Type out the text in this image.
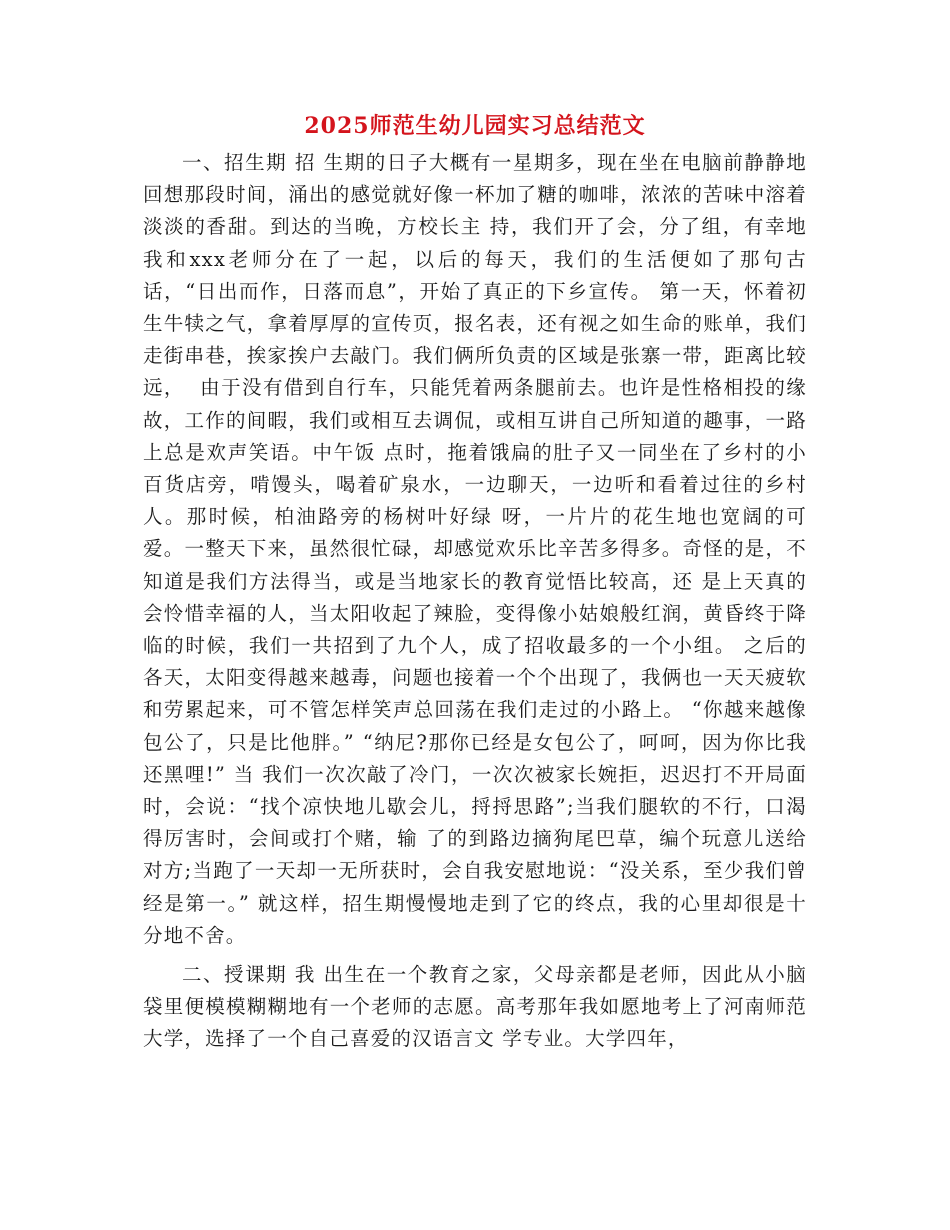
2025师范生幼儿园实习总结范文

一、招生期 招 生期的日子大概有一星期多，现在坐在电脑前静静地回想那段时间，涌出的感觉就好像一杯加了糖的咖啡，浓浓的苦味中溶着淡淡的香甜。到达的当晚，方校长主 持，我们开了会，分了组，有幸地我和xxx老师分在了一起，以后的每天，我们的生活便如了那句古话，“日出而作，日落而息”，开始了真正的下乡宣传。 第一天，怀着初生牛犊之气，拿着厚厚的宣传页，报名表，还有视之如生命的账单，我们走街串巷，挨家挨户去敲门。我们俩所负责的区域是张寨一带，距离比较远，  由于没有借到自行车，只能凭着两条腿前去。也许是性格相投的缘故，工作的间暇，我们或相互去调侃，或相互讲自己所知道的趣事，一路上总是欢声笑语。中午饭 点时，拖着饿扁的肚子又一同坐在了乡村的小百货店旁，啃馒头，喝着矿泉水，一边聊天，一边听和看着过往的乡村人。那时候，柏油路旁的杨树叶好绿 呀，一片片的花生地也宽阔的可爱。一整天下来，虽然很忙碌，却感觉欢乐比辛苦多得多。奇怪的是，不知道是我们方法得当，或是当地家长的教育觉悟比较高，还 是上天真的会怜惜幸福的人，当太阳收起了辣脸，变得像小姑娘般红润，黄昏终于降临的时候，我们一共招到了九个人，成了招收最多的一个小组。 之后的各天，太阳变得越来越毒，问题也接着一个个出现了，我俩也一天天疲软和劳累起来，可不管怎样笑声总回荡在我们走过的小路上。 “你越来越像包公了，只是比他胖。” “纳尼?那你已经是女包公了，呵呵，因为你比我还黑哩!” 当 我们一次次敲了冷门，一次次被家长婉拒，迟迟打不开局面时，会说：“找个凉快地儿歇会儿，捋捋思路”;当我们腿软的不行，口渴得厉害时，会间或打个赌，输 了的到路边摘狗尾巴草，编个玩意儿送给对方;当跑了一天却一无所获时，会自我安慰地说：“没关系，至少我们曾经是第一。” 就这样，招生期慢慢地走到了它的终点，我的心里却很是十分地不舍。

二、授课期 我 出生在一个教育之家，父母亲都是老师，因此从小脑袋里便模模糊糊地有一个老师的志愿。高考那年我如愿地考上了河南师范大学，选择了一个自己喜爱的汉语言文 学专业。大学四年，
